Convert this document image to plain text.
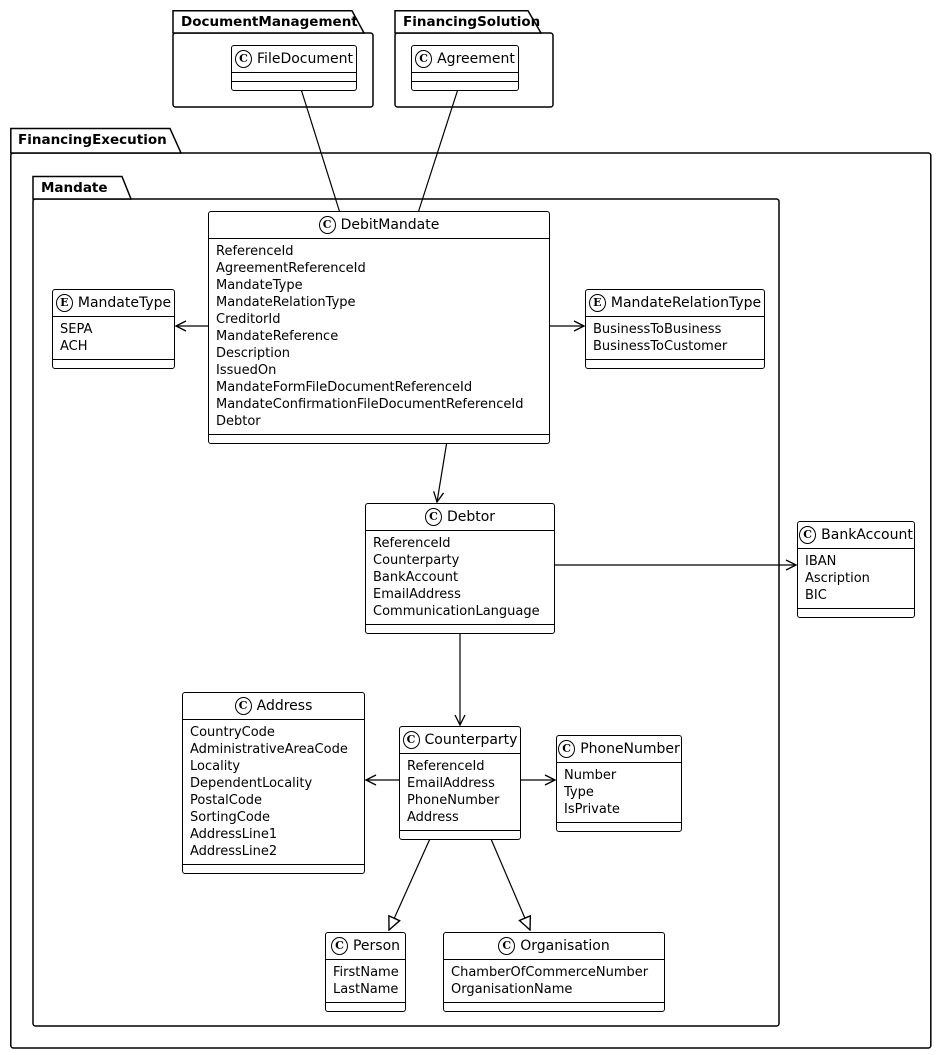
DocumentManagement	FinancingSolution
FinancingExecution
Mandate
C FileDocument	C Agreement
C DebitMandate
ReferenceId
AgreementReferenceId
MandateType
MandateRelationType
CreditorId
MandateReference
Description
IssuedOn
MandateFormFileDocumentReferenceId
MandateConfirmationFileDocumentReferenceId
Debtor
E MandateType
SEPA
ACH
E MandateRelationType
BusinessToBusiness
BusinessToCustomer
C Debtor
ReferenceId
Counterparty
BankAccount
EmailAddress
CommunicationLanguage
C BankAccount
IBAN
Ascription
BIC
C Address
CountryCode
AdministrativeAreaCode
Locality
DependentLocality
PostalCode
SortingCode
AddressLine1
AddressLine2
C Counterparty
ReferenceId
EmailAddress
PhoneNumber
Address
C PhoneNumber
Number
Type
IsPrivate
C Person
FirstName
LastName
C Organisation
ChamberOfCommerceNumber
OrganisationName
